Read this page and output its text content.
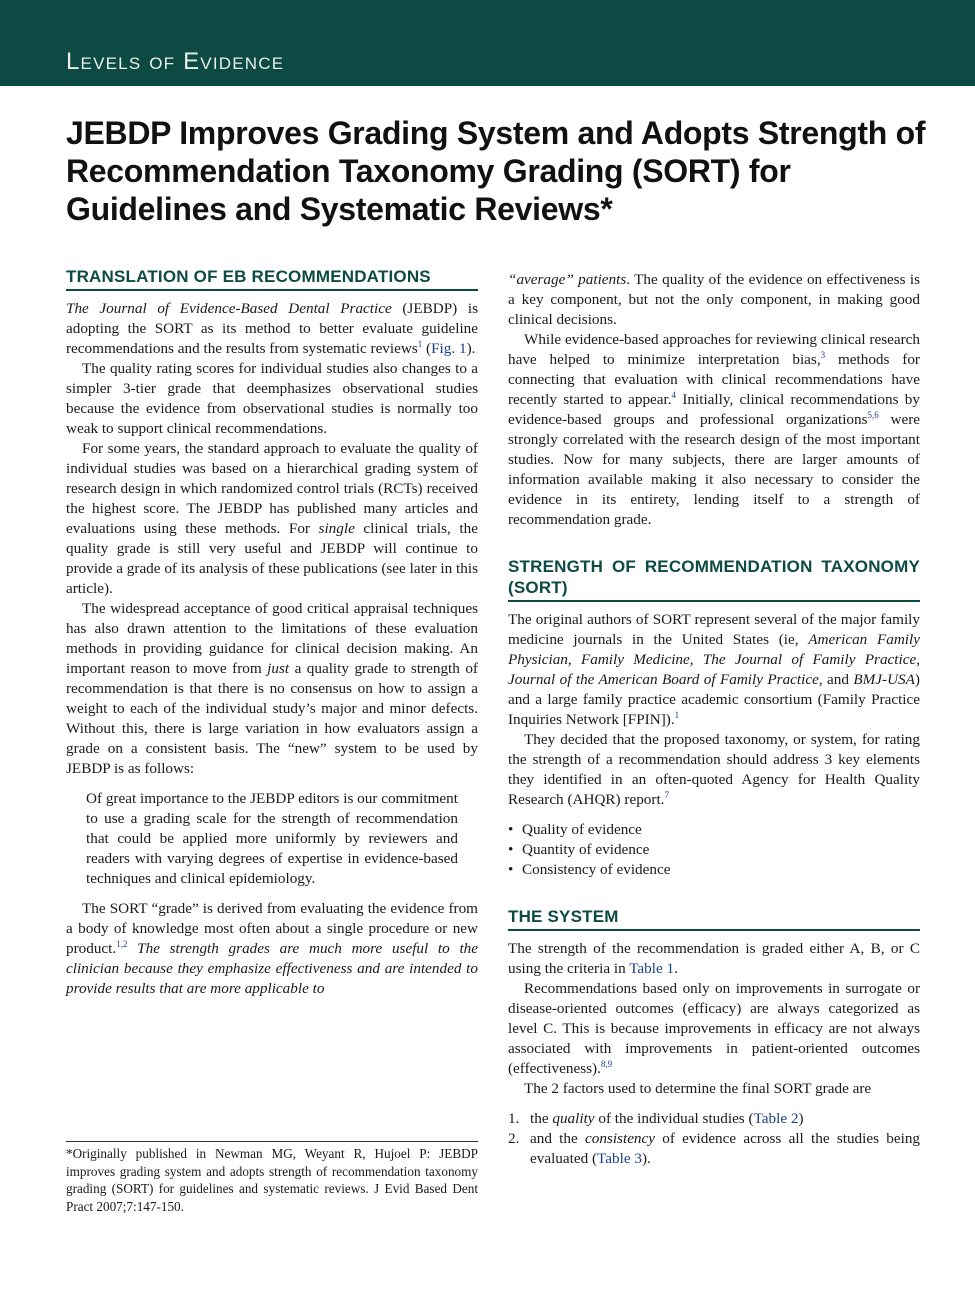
Levels of Evidence
JEBDP Improves Grading System and Adopts Strength of Recommendation Taxonomy Grading (SORT) for Guidelines and Systematic Reviews*
TRANSLATION OF EB RECOMMENDATIONS

The Journal of Evidence-Based Dental Practice (JEBDP) is adopting the SORT as its method to better evaluate guideline recommendations and the results from systematic reviews$^1$ (Fig. 1).

The quality rating scores for individual studies also changes to a simpler 3-tier grade that deemphasizes observational studies because the evidence from observational studies is normally too weak to support clinical recommendations.

For some years, the standard approach to evaluate the quality of individual studies was based on a hierarchical grading system of research design in which randomized control trials (RCTs) received the highest score. The JEBDP has published many articles and evaluations using these methods. For single clinical trials, the quality grade is still very useful and JEBDP will continue to provide a grade of its analysis of these publications (see later in this article).

The widespread acceptance of good critical appraisal techniques has also drawn attention to the limitations of these evaluation methods in providing guidance for clinical decision making. An important reason to move from just a quality grade to strength of recommendation is that there is no consensus on how to assign a weight to each of the individual study’s major and minor defects. Without this, there is large variation in how evaluators assign a grade on a consistent basis. The “new” system to be used by JEBDP is as follows:

Of great importance to the JEBDP editors is our commitment to use a grading scale for the strength of recommendation that could be applied more uniformly by reviewers and readers with varying degrees of expertise in evidence-based techniques and clinical epidemiology.

The SORT “grade” is derived from evaluating the evidence from a body of knowledge most often about a single procedure or new product.$^{1,2}$ The strength grades are much more useful to the clinician because they emphasize effectiveness and are intended to provide results that are more applicable to

*Originally published in Newman MG, Weyant R, Hujoel P: JEBDP improves grading system and adopts strength of recommendation taxonomy grading (SORT) for guidelines and systematic reviews. J Evid Based Dent Pract 2007;7:147-150.

“average” patients. The quality of the evidence on effectiveness is a key component, but not the only component, in making good clinical decisions.

While evidence-based approaches for reviewing clinical research have helped to minimize interpretation bias,$^3$ methods for connecting that evaluation with clinical recommendations have recently started to appear.$^4$ Initially, clinical recommendations by evidence-based groups and professional organizations$^{5,6}$ were strongly correlated with the research design of the most important studies. Now for many subjects, there are larger amounts of information available making it also necessary to consider the evidence in its entirety, lending itself to a strength of recommendation grade.

STRENGTH OF RECOMMENDATION TAXONOMY (SORT)

The original authors of SORT represent several of the major family medicine journals in the United States (ie, American Family Physician, Family Medicine, The Journal of Family Practice, Journal of the American Board of Family Practice, and BMJ-USA) and a large family practice academic consortium (Family Practice Inquiries Network [FPIN]).$^1$

They decided that the proposed taxonomy, or system, for rating the strength of a recommendation should address 3 key elements they identified in an often-quoted Agency for Health Quality Research (AHQR) report.$^7$

• Quality of evidence
• Quantity of evidence
• Consistency of evidence
THE SYSTEM

The strength of the recommendation is graded either A, B, or C using the criteria in Table 1.

Recommendations based only on improvements in surrogate or disease-oriented outcomes (efficacy) are always categorized as level C. This is because improvements in efficacy are not always associated with improvements in patient-oriented outcomes (effectiveness).$^{8,9}$

The 2 factors used to determine the final SORT grade are

1. the quality of the individual studies (Table 2)
2. and the consistency of evidence across all the studies being evaluated (Table 3).
